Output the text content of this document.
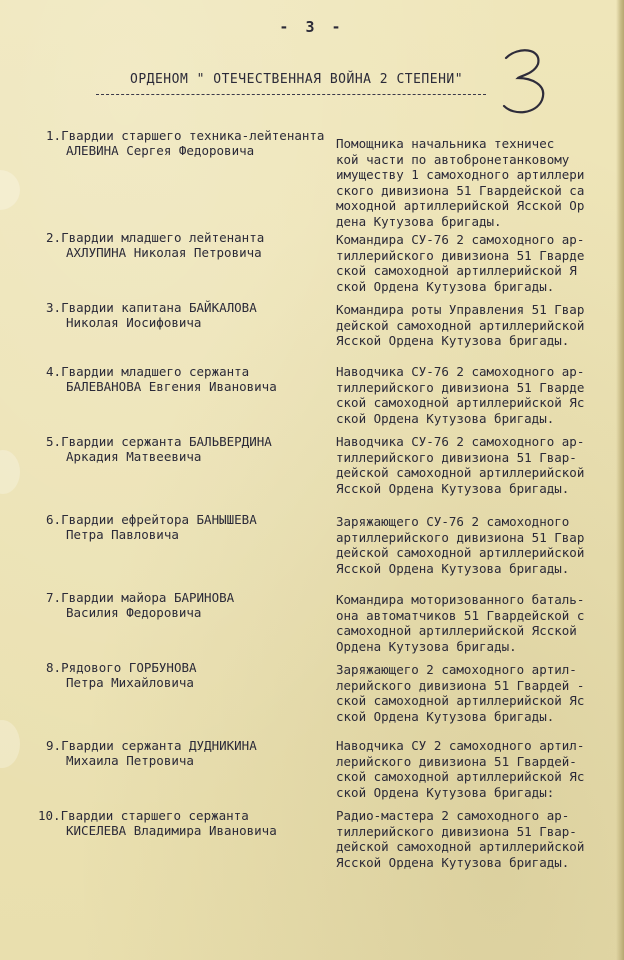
- 3 -
ОРДЕНОМ " ОТЕЧЕСТВЕННАЯ ВОЙНА 2 СТЕПЕНИ"
1.Гвардии старшего техника-лейтенанта
АЛЕВИНА Сергея Федоровича	Помощника начальника техничес
кой части по автобронетанковому
имуществу 1 самоходного артиллери
ского дивизиона 51 Гвардейской са
моходной артиллерийской Ясской Ор
дена Кутузова бригады.
2.Гвардии младшего лейтенанта
АХЛУПИНА Николая Петровича
Командира СУ-76 2 самоходного ар-
тиллерийского дивизиона 51 Гварде
ской самоходной артиллерийской Я
ской Ордена Кутузова бригады.
3.Гвардии капитана БАЙКАЛОВА
Николая Иосифовича
Командира роты Управления 51 Гвар
дейской самоходной артиллерийской
Ясской Ордена Кутузова бригады.
4.Гвардии младшего сержанта
БАЛЕВАНОВА Евгения Ивановича
Наводчика СУ-76 2 самоходного ар-
тиллерийского дивизиона 51 Гварде
ской самоходной артиллерийской Яс
ской Ордена Кутузова бригады.
5.Гвардии сержанта БАЛЬВЕРДИНА
Аркадия Матвеевича
Наводчика СУ-76 2 самоходного ар-
тиллерийского дивизиона 51 Гвар-
дейской самоходной артиллерийской
Ясской Ордена Кутузова бригады.
6.Гвардии ефрейтора БАНЫШЕВА
Петра Павловича
Заряжающего СУ-76 2 самоходного
артиллерийского дивизиона 51 Гвар
дейской самоходной артиллерийской
Ясской Ордена Кутузова бригады.
7.Гвардии майора БАРИНОВА
Василия Федоровича
Командира моторизованного баталь-
она автоматчиков 51 Гвардейской с
самоходной артиллерийской Ясской
Ордена Кутузова бригады.
8.Рядового ГОРБУНОВА
Петра Михайловича
Заряжающего 2 самоходного артил-
лерийского дивизиона 51 Гвардей -
ской самоходной артиллерийской Яс
ской Ордена Кутузова бригады.
9.Гвардии сержанта ДУДНИКИНА
Михаила Петровича
Наводчика СУ 2 самоходного артил-
лерийского дивизиона 51 Гвардей-
ской самоходной артиллерийской Яс
ской Ордена Кутузова бригады:
10.Гвардии старшего сержанта
КИСЕЛЕВА Владимира Ивановича
Радио-мастера 2 самоходного ар-
тиллерийского дивизиона 51 Гвар-
дейской самоходной артиллерийской
Ясской Ордена Кутузова бригады.
